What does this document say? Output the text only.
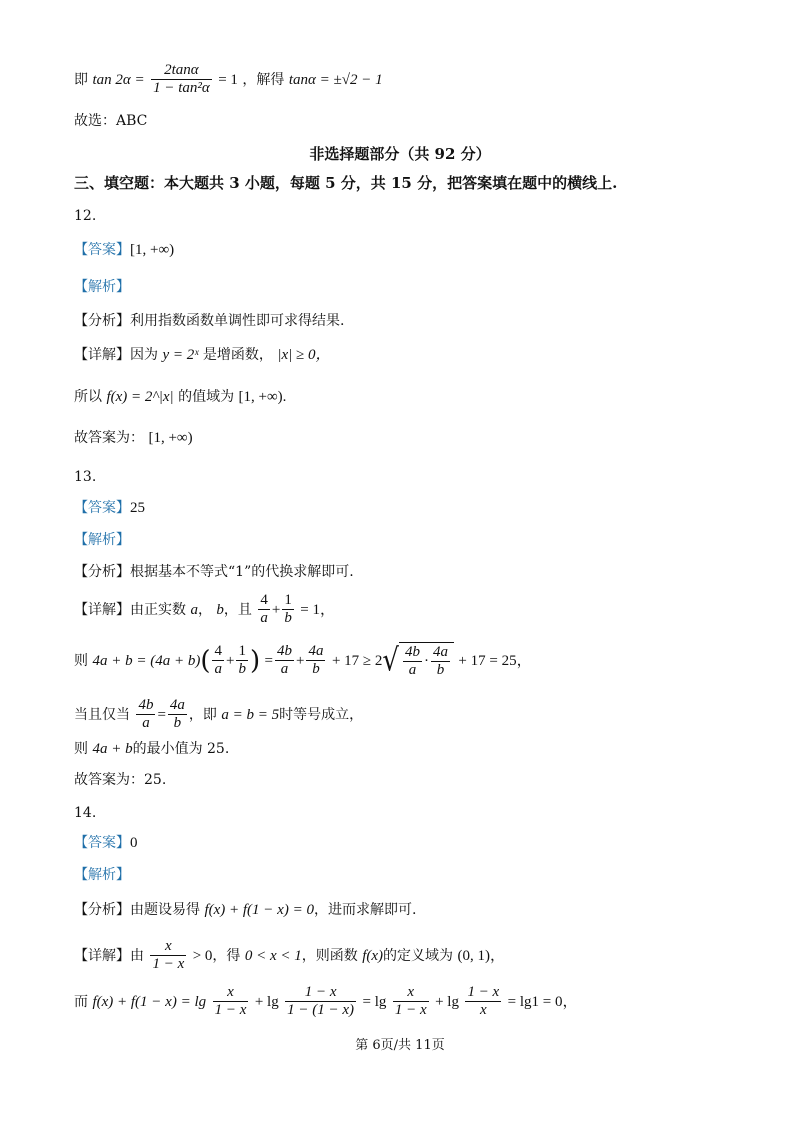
即 $\tan 2\alpha = \frac{2\tan\alpha}{\text{1 − tan²α}} = 1$ ，解得 tanα = ±√2 − 1
故选：ABC
非选择题部分（共 92 分）
三、填空题：本大题共 3 小题，每题 5 分，共 15 分，把答案填在题中的横线上.
12.
【答案】[1, +∞)
【解析】
【分析】利用指数函数单调性即可求得结果.
【详解】因为 y = 2ˣ 是增函数， |x| ≥ 0，
所以 f(x) = 2^|x| 的值域为 [1, +∞).
故答案为： [1, +∞)
13.
【答案】25
【解析】
【分析】根据基本不等式“1”的代换求解即可.
【详解】由正实数 a， b，且 $\frac{4}{a} + \frac{1}{b} = 1$，
则 $4a + b = (4a + b)( \frac{4}{a} + \frac{1}{b}$ ) = $\frac{4b}{a} + \frac{4a}{b} + 17 \ge 2√ \frac{4b}{a} \cdot \frac{4a}{b} + 17 = 25$，
当且仅当 $\frac{4b}{a} = \frac{4a}{b}$ ，即 a = b = 5时等号成立，
则 4a + b的最小值为 25.
故答案为：25.
14.
【答案】0
【解析】
【分析】由题设易得 f(x) + f(1 − x) = 0，进而求解即可.
【详解】由 $\frac{x}{1 - x} > 0$，得 0 < x < 1，则函数 f(x)的定义域为 (0, 1)，
而 $f(x) + f(1 - x) = \lg \frac{x}{1 - x} + \lg \frac{1 - x}{1 - (1 - x)} = \lg \frac{x}{1 - x} + \lg \frac{1 - x}{x} = \lg 1 = 0$，
第 6页/共 11页
